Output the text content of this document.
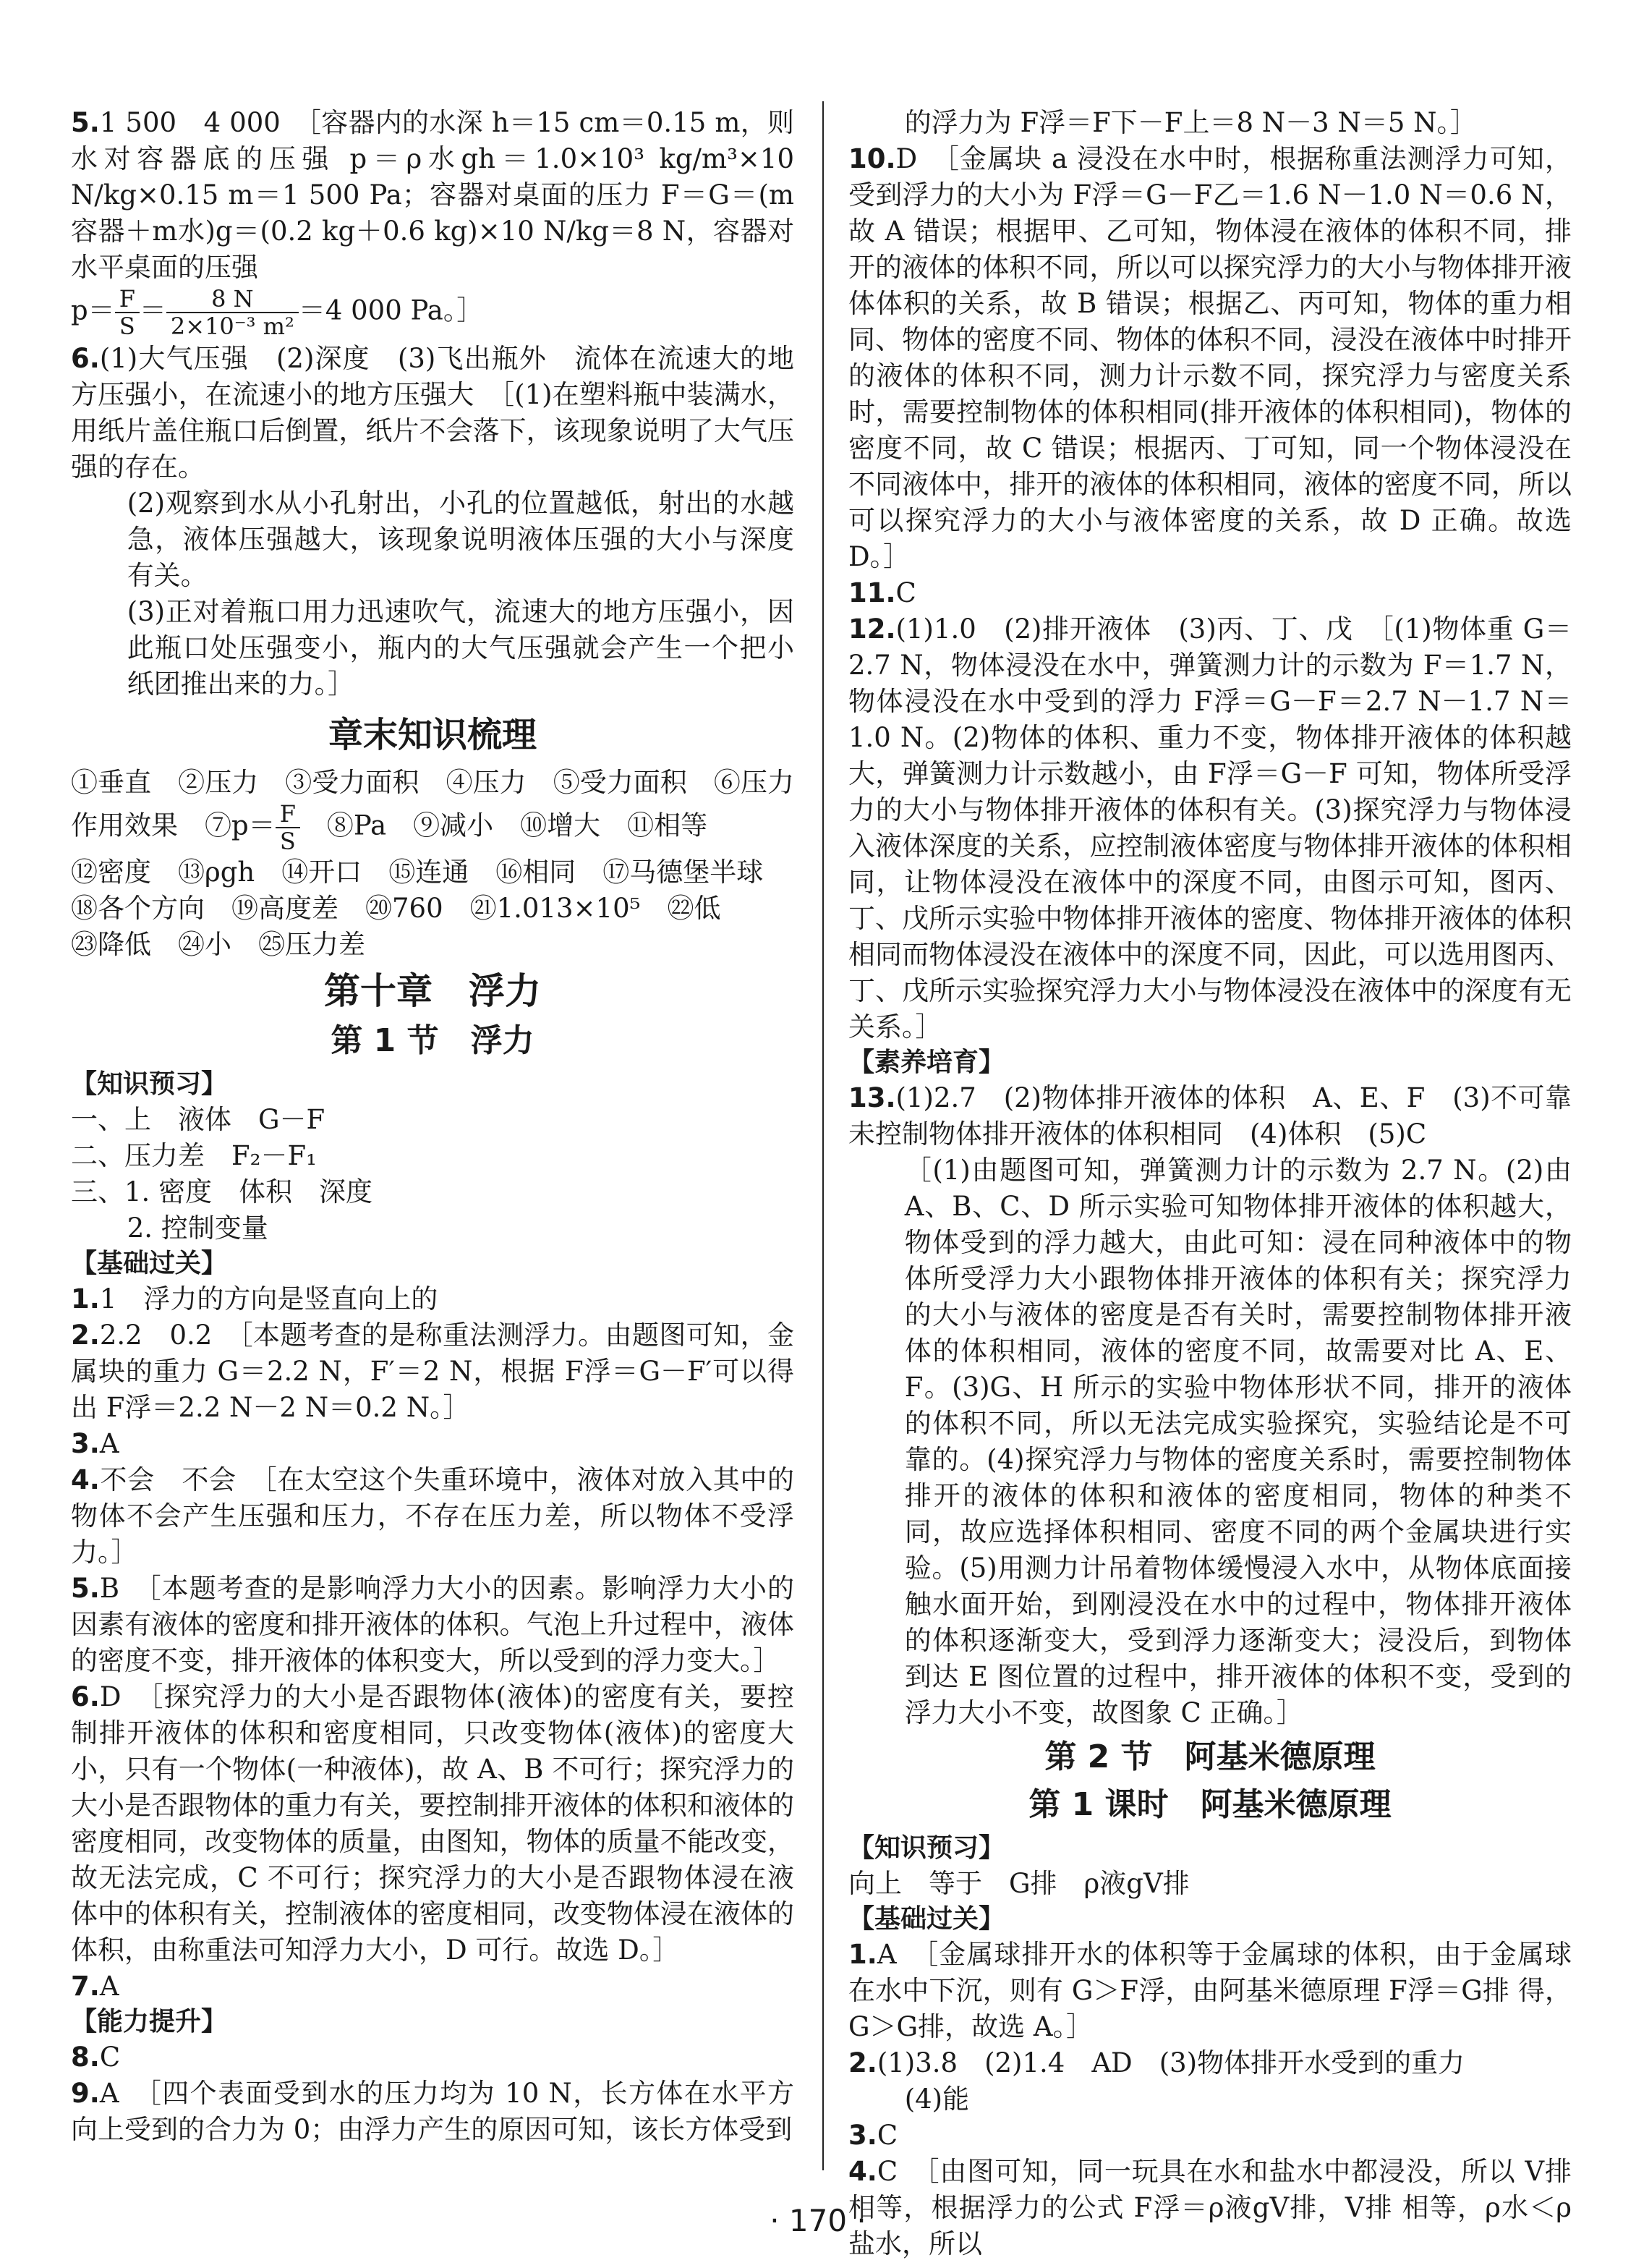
5.1 500　4 000　［容器内的水深 h＝15 cm＝0.15 m，则水对容器底的压强 p＝ρ水gh＝1.0×10³ kg/m³×10 N/kg×0.15 m＝1 500 Pa；容器对桌面的压力 F＝G＝(m容器＋m水)g＝(0.2 kg＋0.6 kg)×10 N/kg＝8 N，容器对水平桌面的压强
$p= \frac{F}{S} = \frac{8 N}{\text{2×10⁻³ m²}} =4$ 000 Pa。］

6.(1)大气压强　(2)深度　(3)飞出瓶外　流体在流速大的地方压强小，在流速小的地方压强大　［(1)在塑料瓶中装满水，用纸片盖住瓶口后倒置，纸片不会落下，该现象说明了大气压强的存在。

(2)观察到水从小孔射出，小孔的位置越低，射出的水越急，液体压强越大，该现象说明液体压强的大小与深度有关。

(3)正对着瓶口用力迅速吹气，流速大的地方压强小，因此瓶口处压强变小，瓶内的大气压强就会产生一个把小纸团推出来的力。］

章末知识梳理

①垂直　②压力　③受力面积　④压力　⑤受力面积　⑥压力作用效果　⑦p＝ $\frac{F}{S}$ 　⑧Pa　⑨减小　⑩增大　⑪相等

⑫密度　⑬ρgh　⑭开口　⑮连通　⑯相同　⑰马德堡半球

⑱各个方向　⑲高度差　⑳760　㉑1.013×10⁵　㉒低

㉓降低　㉔小　㉕压力差

第十章　浮力
第 1 节　浮力
【知识预习】

一、上　液体　G－F

二、压力差　F₂－F₁

三、1. 密度　体积　深度

2. 控制变量

【基础过关】

1.1　浮力的方向是竖直向上的

2.2.2　0.2　［本题考查的是称重法测浮力。由题图可知，金属块的重力 G＝2.2 N，F′＝2 N，根据 F浮＝G－F′可以得出 F浮＝2.2 N－2 N＝0.2 N。］

3.A

4.不会　不会　［在太空这个失重环境中，液体对放入其中的物体不会产生压强和压力，不存在压力差，所以物体不受浮力。］

5.B　［本题考查的是影响浮力大小的因素。影响浮力大小的因素有液体的密度和排开液体的体积。气泡上升过程中，液体的密度不变，排开液体的体积变大，所以受到的浮力变大。］

6.D　［探究浮力的大小是否跟物体(液体)的密度有关，要控制排开液体的体积和密度相同，只改变物体(液体)的密度大小，只有一个物体(一种液体)，故 A、B 不可行；探究浮力的大小是否跟物体的重力有关，要控制排开液体的体积和液体的密度相同，改变物体的质量，由图知，物体的质量不能改变，故无法完成，C 不可行；探究浮力的大小是否跟物体浸在液体中的体积有关，控制液体的密度相同，改变物体浸在液体的体积，由称重法可知浮力大小，D 可行。故选 D。］

7.A

【能力提升】

8.C

9.A　［四个表面受到水的压力均为 10 N，长方体在水平方向上受到的合力为 0；由浮力产生的原因可知，该长方体受到

的浮力为 F浮＝F下－F上＝8 N－3 N＝5 N。］

10.D　［金属块 a 浸没在水中时，根据称重法测浮力可知，受到浮力的大小为 F浮＝G－F乙＝1.6 N－1.0 N＝0.6 N，故 A 错误；根据甲、乙可知，物体浸在液体的体积不同，排开的液体的体积不同，所以可以探究浮力的大小与物体排开液体体积的关系，故 B 错误；根据乙、丙可知，物体的重力相同、物体的密度不同、物体的体积不同，浸没在液体中时排开的液体的体积不同，测力计示数不同，探究浮力与密度关系时，需要控制物体的体积相同(排开液体的体积相同)，物体的密度不同，故 C 错误；根据丙、丁可知，同一个物体浸没在不同液体中，排开的液体的体积相同，液体的密度不同，所以可以探究浮力的大小与液体密度的关系，故 D 正确。故选 D。］

11.C

12.(1)1.0　(2)排开液体　(3)丙、丁、戊　［(1)物体重 G＝2.7 N，物体浸没在水中，弹簧测力计的示数为 F＝1.7 N，物体浸没在水中受到的浮力 F浮＝G－F＝2.7 N－1.7 N＝1.0 N。(2)物体的体积、重力不变，物体排开液体的体积越大，弹簧测力计示数越小，由 F浮＝G－F 可知，物体所受浮力的大小与物体排开液体的体积有关。(3)探究浮力与物体浸入液体深度的关系，应控制液体密度与物体排开液体的体积相同，让物体浸没在液体中的深度不同，由图示可知，图丙、丁、戊所示实验中物体排开液体的密度、物体排开液体的体积相同而物体浸没在液体中的深度不同，因此，可以选用图丙、丁、戊所示实验探究浮力大小与物体浸没在液体中的深度有无关系。］

【素养培育】

13.(1)2.7　(2)物体排开液体的体积　A、E、F　(3)不可靠　未控制物体排开液体的体积相同　(4)体积　(5)C

［(1)由题图可知，弹簧测力计的示数为 2.7 N。(2)由 A、B、C、D 所示实验可知物体排开液体的体积越大，物体受到的浮力越大，由此可知：浸在同种液体中的物体所受浮力大小跟物体排开液体的体积有关；探究浮力的大小与液体的密度是否有关时，需要控制物体排开液体的体积相同，液体的密度不同，故需要对比 A、E、F。(3)G、H 所示的实验中物体形状不同，排开的液体的体积不同，所以无法完成实验探究，实验结论是不可靠的。(4)探究浮力与物体的密度关系时，需要控制物体排开的液体的体积和液体的密度相同，物体的种类不同，故应选择体积相同、密度不同的两个金属块进行实验。(5)用测力计吊着物体缓慢浸入水中，从物体底面接触水面开始，到刚浸没在水中的过程中，物体排开液体的体积逐渐变大，受到浮力逐渐变大；浸没后，到物体到达 E 图位置的过程中，排开液体的体积不变，受到的浮力大小不变，故图象 C 正确。］

第 2 节　阿基米德原理
第 1 课时　阿基米德原理
【知识预习】

向上　等于　G排　ρ液gV排

【基础过关】

1.A　［金属球排开水的体积等于金属球的体积，由于金属球在水中下沉，则有 G＞F浮，由阿基米德原理 F浮＝G排 得，G＞G排，故选 A。］

2.(1)3.8　(2)1.4　AD　(3)物体排开水受到的重力

(4)能

3.C

4.C　［由图可知，同一玩具在水和盐水中都浸没，所以 V排 相等，根据浮力的公式 F浮＝ρ液gV排，V排 相等，ρ水＜ρ盐水，所以

· 170 ·
